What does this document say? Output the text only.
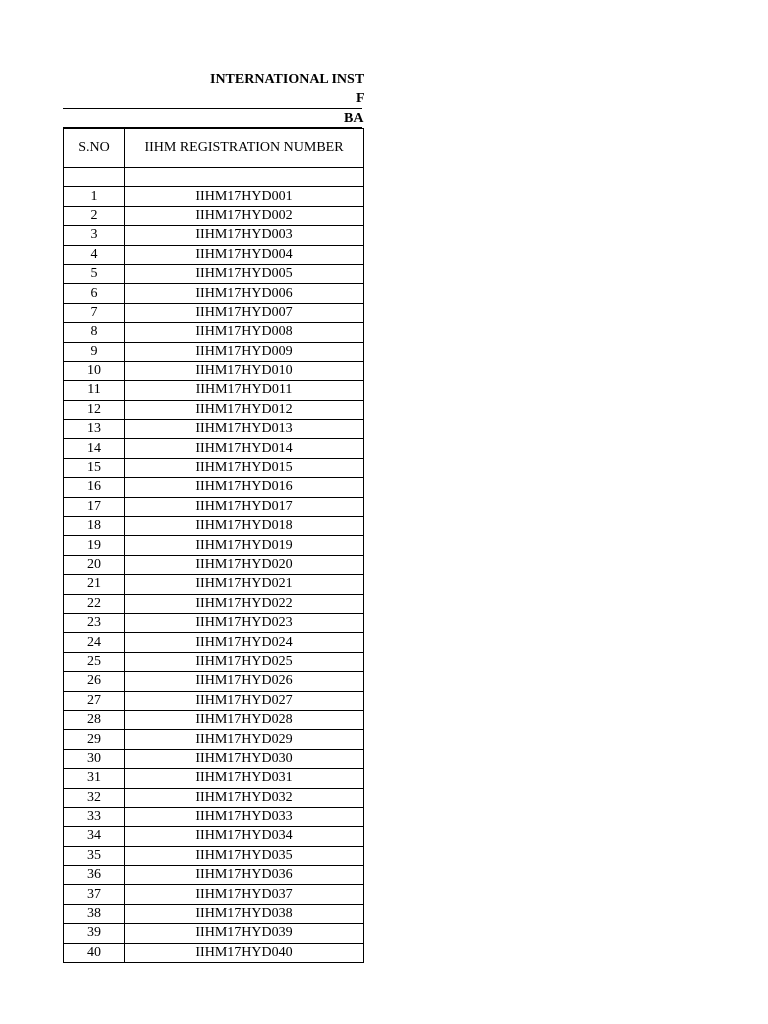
INTERNATIONAL INST
F
BA
S.NO	IIHM REGISTRATION NUMBER

1	IIHM17HYD001
2	IIHM17HYD002
3	IIHM17HYD003
4	IIHM17HYD004
5	IIHM17HYD005
6	IIHM17HYD006
7	IIHM17HYD007
8	IIHM17HYD008
9	IIHM17HYD009
10	IIHM17HYD010
11	IIHM17HYD011
12	IIHM17HYD012
13	IIHM17HYD013
14	IIHM17HYD014
15	IIHM17HYD015
16	IIHM17HYD016
17	IIHM17HYD017
18	IIHM17HYD018
19	IIHM17HYD019
20	IIHM17HYD020
21	IIHM17HYD021
22	IIHM17HYD022
23	IIHM17HYD023
24	IIHM17HYD024
25	IIHM17HYD025
26	IIHM17HYD026
27	IIHM17HYD027
28	IIHM17HYD028
29	IIHM17HYD029
30	IIHM17HYD030
31	IIHM17HYD031
32	IIHM17HYD032
33	IIHM17HYD033
34	IIHM17HYD034
35	IIHM17HYD035
36	IIHM17HYD036
37	IIHM17HYD037
38	IIHM17HYD038
39	IIHM17HYD039
40	IIHM17HYD040
